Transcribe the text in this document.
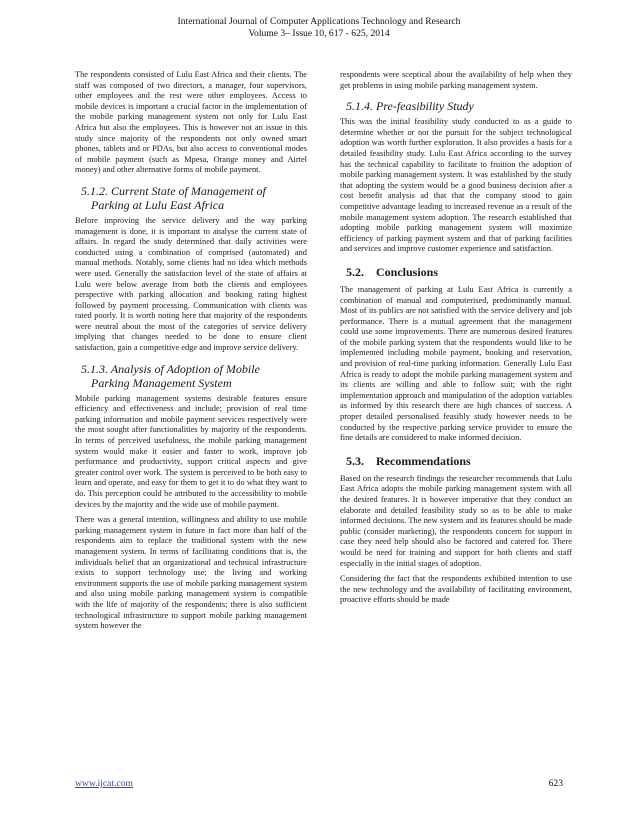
International Journal of Computer Applications Technology and Research
Volume 3– Issue 10, 617 - 625, 2014

The respondents consisted of Lulu East Africa and their clients. The staff was composed of two directors, a manager, four supervisors, other employees and the rest were other employees. Access to mobile devices is important a crucial factor in the implementation of the mobile parking management system not only for Lulu East Africa but also the employees. This is however not an issue in this study since majority of the respondents not only owned smart phones, tablets and or PDAs, but also access to conventional modes of mobile payment (such as Mpesa, Orange money and Airtel money) and other alternative forms of mobile payment.

5.1.2. Current State of Management of
Parking at Lulu East Africa

Before improving the service delivery and the way parking management is done, it is important to analyse the current state of affairs. In regard the study determined that daily activities were conducted using a combination of comprised (automated) and manual methods. Notably, some clients had no idea which methods were used. Generally the satisfaction level of the state of affairs at Lulu were below average from both the clients and employees perspective with parking allocation and booking rating highest followed by payment processing. Communication with clients was rated poorly. It is worth noting here that majority of the respondents were neutral about the most of the categories of service delivery implying that changes needed to be done to ensure client satisfaction, gain a competitive edge and improve service delivery.

5.1.3. Analysis of Adoption of Mobile
Parking Management System

Mobile parking management systems desirable features ensure efficiency and effectiveness and include; provision of real time parking information and mobile payment services respectively were the most sought after functionalities by majority of the respondents. In terms of perceived usefulness, the mobile parking management system would make it easier and faster to work, improve job performance and productivity, support critical aspects and give greater control over work. The system is perceived to be both easy to learn and operate, and easy for them to get it to do what they want to do. This perception could be attributed to the accessibility to mobile devices by the majority and the wide use of mobile payment.

There was a general intention, willingness and ability to use mobile parking management system in future in fact more than half of the respondents aim to replace the traditional system with the new management system. In terms of facilitating conditions that is, the individuals belief that an organizational and technical infrastructure exists to support technology use; the living and working environment supports the use of mobile parking management system and also using mobile parking management system is compatible with the life of majority of the respondents; there is also sufficient technological infrastructure to support mobile parking management system however the

respondents were sceptical about the availability of help when they get problems in using mobile parking management system.

5.1.4. Pre-feasibility Study

This was the initial feasibility study conducted to as a guide to determine whether or not the pursuit for the subject technological adoption was worth further exploration. It also provides a basis for a detailed feasibility study. Lulu East Africa according to the survey has the technical capability to facilitate to fruition the adoption of mobile parking management system. It was established by the study that adopting the system would be a good business decision after a cost benefit analysis ad that that the company stood to gain competitive advantage leading to increased revenue as a result of the mobile management system adoption. The research established that adopting mobile parking management system will maximize efficiency of parking payment system and that of parking facilities and services and improve customer experience and satisfaction.

5.2. Conclusions

The management of parking at Lulu East Africa is currently a combination of manual and computerised, predominantly manual. Most of its publics are not satisfied with the service delivery and job performance. There is a mutual agreement that the management could use some improvements. There are numerous desired features of the mobile parking system that the respondents would like to be implemented including mobile payment, booking and reservation, and provision of real-time parking information. Generally Lulu East Africa is ready to adopt the mobile parking management system and its clients are willing and able to follow suit; with the right implementation approach and manipulation of the adoption variables as informed by this research there are high chances of success. A proper detailed personalised feasibly study however needs to be conducted by the respective parking service provider to ensure the fine details are considered to make informed decision.

5.3. Recommendations

Based on the research findings the researcher recommends that Lulu East Africa adopts the mobile parking management system with all the desired features. It is however imperative that they conduct an elaborate and detailed feasibility study so as to be able to make informed decisions. The new system and its features should be made public (consider marketing), the respondents concern for support in case they need help should also be factored and catered for. There would be need for training and support for both clients and staff especially in the initial stages of adoption.

Considering the fact that the respondents exhibited intention to use the new technology and the availability of facilitating environment, proactive efforts should be made

www.ijcat.com	623
